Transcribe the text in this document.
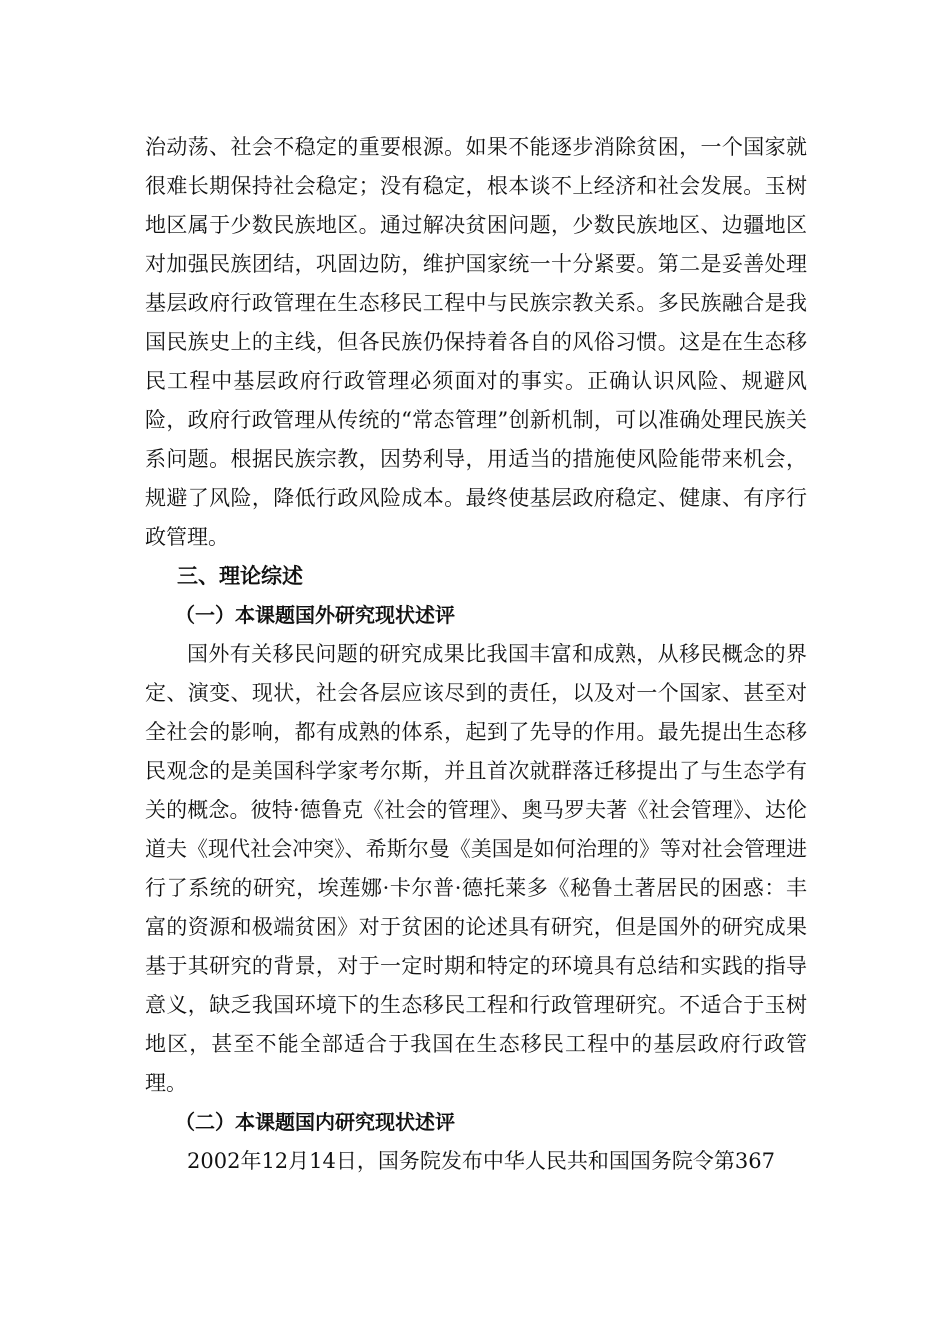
治动荡、社会不稳定的重要根源。如果不能逐步消除贫困，一个国家就很难长期保持社会稳定；没有稳定，根本谈不上经济和社会发展。玉树地区属于少数民族地区。通过解决贫困问题，少数民族地区、边疆地区对加强民族团结，巩固边防，维护国家统一十分紧要。第二是妥善处理基层政府行政管理在生态移民工程中与民族宗教关系。多民族融合是我国民族史上的主线，但各民族仍保持着各自的风俗习惯。这是在生态移民工程中基层政府行政管理必须面对的事实。正确认识风险、规避风险，政府行政管理从传统的“常态管理”创新机制，可以准确处理民族关系问题。根据民族宗教，因势利导，用适当的措施使风险能带来机会，规避了风险，降低行政风险成本。最终使基层政府稳定、健康、有序行政管理。

三、理论综述
（一）本课题国外研究现状述评

国外有关移民问题的研究成果比我国丰富和成熟，从移民概念的界定、演变、现状，社会各层应该尽到的责任，以及对一个国家、甚至对全社会的影响，都有成熟的体系，起到了先导的作用。最先提出生态移民观念的是美国科学家考尔斯，并且首次就群落迁移提出了与生态学有关的概念。彼特·德鲁克《社会的管理》、奥马罗夫著《社会管理》、达伦道夫《现代社会冲突》、希斯尔曼《美国是如何治理的》等对社会管理进行了系统的研究，埃莲娜·卡尔普·德托莱多《秘鲁土著居民的困惑：丰富的资源和极端贫困》对于贫困的论述具有研究，但是国外的研究成果基于其研究的背景，对于一定时期和特定的环境具有总结和实践的指导意义，缺乏我国环境下的生态移民工程和行政管理研究。不适合于玉树地区，甚至不能全部适合于我国在生态移民工程中的基层政府行政管理。

（二）本课题国内研究现状述评

2002年12月14日，国务院发布中华人民共和国国务院令第367
